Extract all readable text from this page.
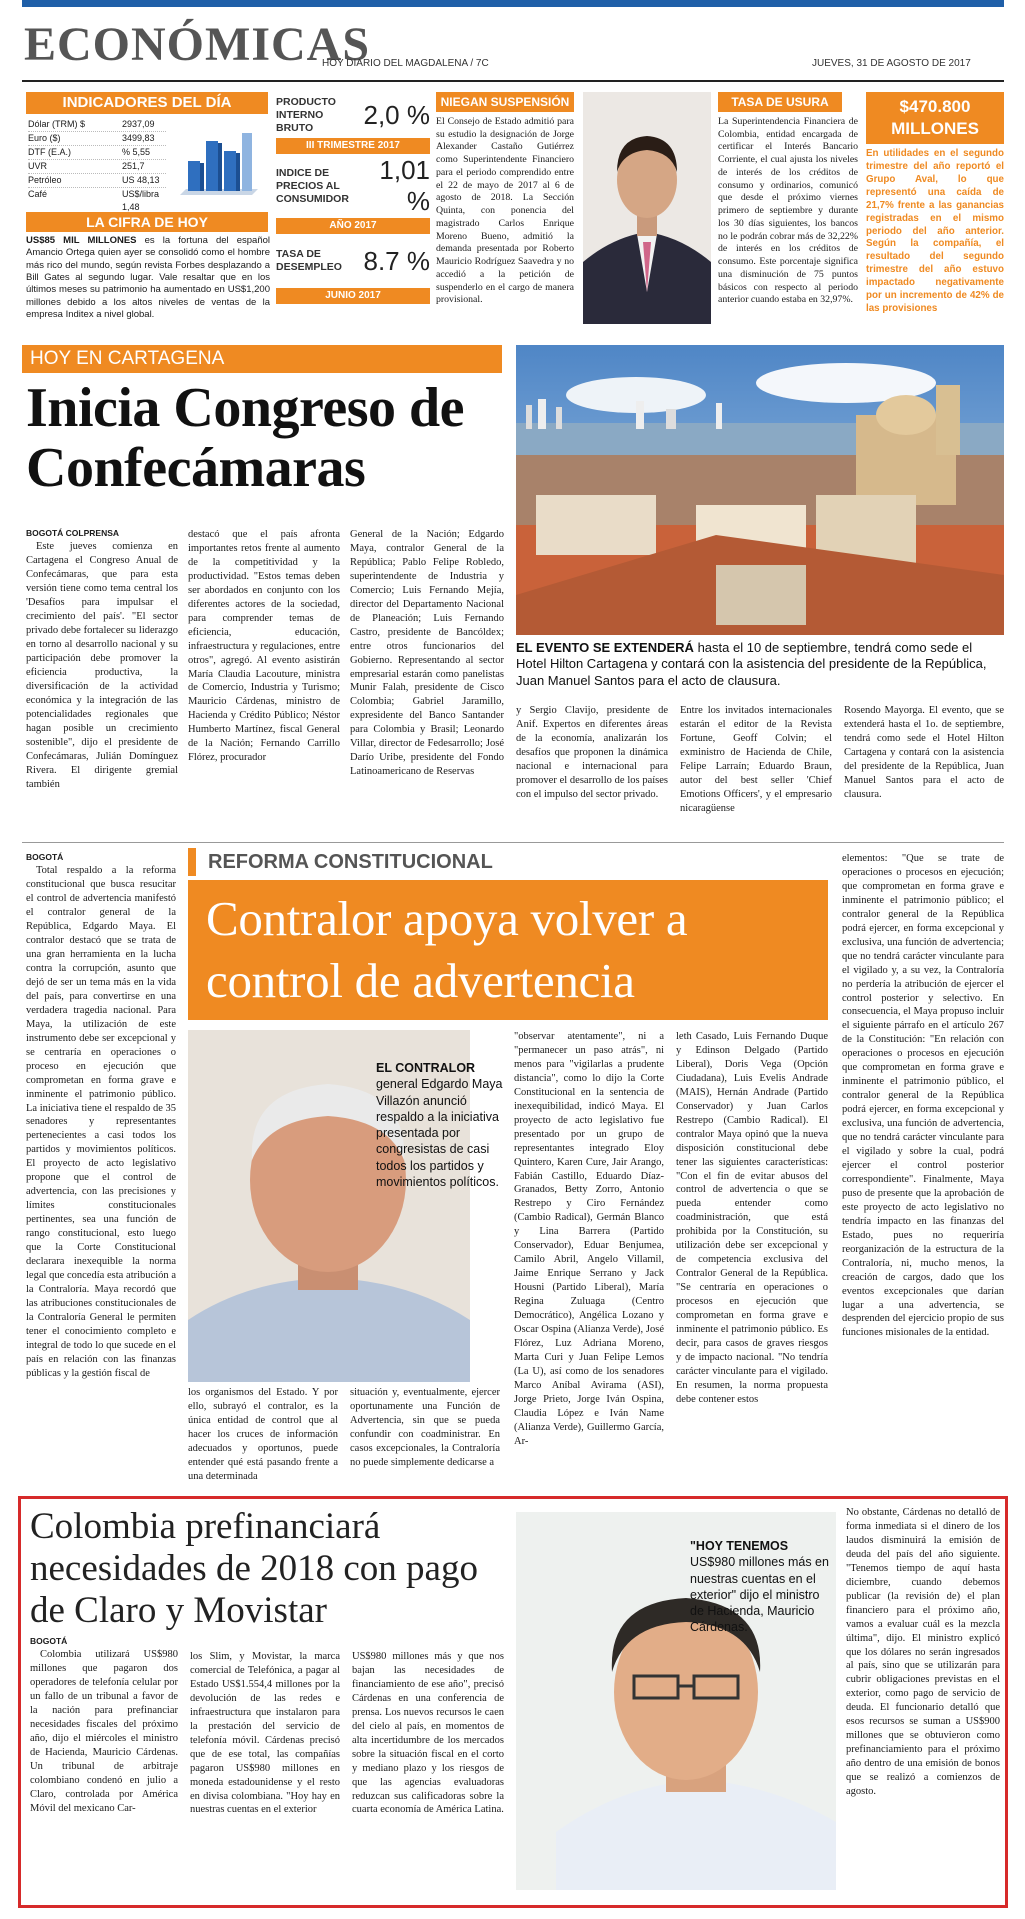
ECONÓMICAS
HOY DIARIO DEL MAGDALENA / 7C	JUEVES, 31 DE AGOSTO DE 2017
INDICADORES DEL DÍA
Dólar (TRM) $	2937,09
Euro ($)	3499,83
DTF (E.A.)	% 5,55
UVR	251,7
Petróleo	US 48,13
Café	US$/libra 1,48
LA CIFRA DE HOY
US$85 MIL MILLONES es la fortuna del español Amancio Ortega quien ayer se consolidó como el hombre más rico del mundo, según revista Forbes desplazando a Bill Gates al segundo lugar. Vale resaltar que en los últimos meses su patrimonio ha aumentado en US$1,200 millones debido a los altos niveles de ventas de la empresa Inditex a nivel global.
PRODUCTO INTERNO BRUTO	2,0 %
III TRIMESTRE 2017
INDICE DE PRECIOS AL CONSUMIDOR
1,01 %
AÑO 2017
TASA DE DESEMPLEO 8.7 %
JUNIO 2017
NIEGAN SUSPENSIÓN
El Consejo de Estado admitió para su estudio la designación de Jorge Alexander Castaño Gutiérrez como Superintendente Financiero para el periodo comprendido entre el 22 de mayo de 2017 al 6 de agosto de 2018. La Sección Quinta, con ponencia del magistrado Carlos Enrique Moreno Bueno, admitió la demanda presentada por Roberto Mauricio Rodríguez Saavedra y no accedió a la petición de suspenderlo en el cargo de manera provisional.
TASA DE USURA
La Superintendencia Financiera de Colombia, entidad encargada de certificar el Interés Bancario Corriente, el cual ajusta los niveles de interés de los créditos de consumo y ordinarios, comunicó que desde el próximo viernes primero de septiembre y durante los 30 días siguientes, los bancos no le podrán cobrar más de 32,22% de interés en los créditos de consumo. Este porcentaje significa una disminución de 75 puntos básicos con respecto al periodo anterior cuando estaba en 32,97%.
$470.800 MILLONES
En utilidades en el segundo trimestre del año reportó el Grupo Aval, lo que representó una caída de 21,7% frente a las ganancias registradas en el mismo periodo del año anterior. Según la compañía, el resultado del segundo trimestre del año estuvo impactado negativamente por un incremento de 42% de las provisiones
HOY EN CARTAGENA
Inicia Congreso de Confecámaras
EL EVENTO SE EXTENDERÁ hasta el 10 de septiembre, tendrá como sede el Hotel Hilton Cartagena y contará con la asistencia del presidente de la República, Juan Manuel Santos para el acto de clausura.

BOGOTÁ COLPRENSA

Este jueves comienza en Cartagena el Congreso Anual de Confecámaras, que para esta versión tiene como tema central los 'Desafíos para impulsar el crecimiento del país'. "El sector privado debe fortalecer su liderazgo en torno al desarrollo nacional y su participación debe promover la eficiencia productiva, la diversificación de la actividad económica y la integración de las potencialidades regionales que hagan posible un crecimiento sostenible", dijo el presidente de Confecámaras, Julián Domínguez Rivera. El dirigente gremial también

destacó que el país afronta importantes retos frente al aumento de la competitividad y la productividad. "Estos temas deben ser abordados en conjunto con los diferentes actores de la sociedad, para comprender temas de eficiencia, educación, infraestructura y regulaciones, entre otros", agregó. Al evento asistirán María Claudia Lacouture, ministra de Comercio, Industria y Turismo; Mauricio Cárdenas, ministro de Hacienda y Crédito Público; Néstor Humberto Martínez, fiscal General de la Nación; Fernando Carrillo Flórez, procurador
General de la Nación; Edgardo Maya, contralor General de la República; Pablo Felipe Robledo, superintendente de Industria y Comercio; Luis Fernando Mejía, director del Departamento Nacional de Planeación; Luis Fernando Castro, presidente de Bancóldex; entre otros funcionarios del Gobierno. Representando al sector empresarial estarán como panelistas Munir Falah, presidente de Cisco Colombia; Gabriel Jaramillo, expresidente del Banco Santander para Colombia y Brasil; Leonardo Villar, director de Fedesarrollo; José Darío Uribe, presidente del Fondo Latinoamericano de Reservas
y Sergio Clavijo, presidente de Anif. Expertos en diferentes áreas de la economía, analizarán los desafíos que proponen la dinámica nacional e internacional para promover el desarrollo de los países con el impulso del sector privado.
Entre los invitados internacionales estarán el editor de la Revista Fortune, Geoff Colvin; el exministro de Hacienda de Chile, Felipe Larraín; Eduardo Braun, autor del best seller 'Chief Emotions Officers', y el empresario nicaragüense
Rosendo Mayorga. El evento, que se extenderá hasta el 1o. de septiembre, tendrá como sede el Hotel Hilton Cartagena y contará con la asistencia del presidente de la República, Juan Manuel Santos para el acto de clausura.

BOGOTÁ

Total respaldo a la reforma constitucional que busca resucitar el control de advertencia manifestó el contralor general de la República, Edgardo Maya. El contralor destacó que se trata de una gran herramienta en la lucha contra la corrupción, asunto que dejó de ser un tema más en la vida del país, para convertirse en una verdadera tragedia nacional. Para Maya, la utilización de este instrumento debe ser excepcional y se centraría en operaciones o proceso en ejecución que comprometan en forma grave e inminente el patrimonio público. La iniciativa tiene el respaldo de 35 senadores y representantes pertenecientes a casi todos los partidos y movimientos políticos. El proyecto de acto legislativo propone que el control de advertencia, con las precisiones y límites constitucionales pertinentes, sea una función de rango constitucional, esto luego que la Corte Constitucional declarara inexequible la norma legal que concedía esta atribución a la Contraloría. Maya recordó que las atribuciones constitucionales de la Contraloría General le permiten tener el conocimiento completo e integral de todo lo que sucede en el país en relación con las finanzas públicas y la gestión fiscal de

REFORMA CONSTITUCIONAL
Contralor apoya volver a control de advertencia
EL CONTRALOR general Edgardo Maya Villazón anunció respaldo a la iniciativa presentada por congresistas de casi todos los partidos y movimientos políticos.
los organismos del Estado. Y por ello, subrayó el contralor, es la única entidad de control que al hacer los cruces de información adecuados y oportunos, puede entender qué está pasando frente a una determinada
situación y, eventualmente, ejercer oportunamente una Función de Advertencia, sin que se pueda confundir con coadministrar. En casos excepcionales, la Contraloría no puede simplemente dedicarse a
"observar atentamente", ni a "permanecer un paso atrás", ni menos para "vigilarlas a prudente distancia", como lo dijo la Corte Constitucional en la sentencia de inexequibilidad, indicó Maya. El proyecto de acto legislativo fue presentado por un grupo de representantes integrado Eloy Quintero, Karen Cure, Jair Arango, Fabián Castillo, Eduardo Díaz-Granados, Betty Zorro, Antonio Restrepo y Ciro Fernández (Cambio Radical), Germán Blanco y Lina Barrera (Partido Conservador), Eduar Benjumea, Camilo Abril, Angelo Villamil, Jaime Enrique Serrano y Jack Housni (Partido Liberal), María Regina Zuluaga (Centro Democrático), Angélica Lozano y Oscar Ospina (Alianza Verde), José Flórez, Luz Adriana Moreno, Marta Curi y Juan Felipe Lemos (La U), así como de los senadores Marco Aníbal Avirama (ASI), Jorge Prieto, Jorge Iván Ospina, Claudia López e Iván Name (Alianza Verde), Guillermo García, Ar-
leth Casado, Luis Fernando Duque y Edinson Delgado (Partido Liberal), Doris Vega (Opción Ciudadana), Luis Evelis Andrade (MAIS), Hernán Andrade (Partido Conservador) y Juan Carlos Restrepo (Cambio Radical). El contralor Maya opinó que la nueva disposición constitucional debe tener las siguientes características: "Con el fin de evitar abusos del control de advertencia o que se pueda entender como coadministración, que está prohibida por la Constitución, su utilización debe ser excepcional y de competencia exclusiva del Contralor General de la República. "Se centraría en operaciones o procesos en ejecución que comprometan en forma grave e inminente el patrimonio público. Es decir, para casos de graves riesgos y de impacto nacional. "No tendría carácter vinculante para el vigilado. En resumen, la norma propuesta debe contener estos
elementos: "Que se trate de operaciones o procesos en ejecución; que comprometan en forma grave e inminente el patrimonio público; el contralor general de la República podrá ejercer, en forma excepcional y exclusiva, una función de advertencia; que no tendrá carácter vinculante para el vigilado y, a su vez, la Contraloría no perdería la atribución de ejercer el control posterior y selectivo. En consecuencia, el Maya propuso incluir el siguiente párrafo en el artículo 267 de la Constitución: "En relación con operaciones o procesos en ejecución que comprometan en forma grave e inminente el patrimonio público, el contralor general de la República podrá ejercer, en forma excepcional y exclusiva, una función de advertencia, que no tendrá carácter vinculante para el vigilado y sobre la cual, podrá ejercer el control posterior correspondiente". Finalmente, Maya puso de presente que la aprobación de este proyecto de acto legislativo no tendría impacto en las finanzas del Estado, pues no requeriría reorganización de la estructura de la Contraloría, ni, mucho menos, la creación de cargos, dado que los eventos excepcionales que darían lugar a una advertencia, se desprenden del ejercicio propio de sus funciones misionales de la entidad.
Colombia prefinanciará necesidades de 2018 con pago de Claro y Movistar

BOGOTÁ

Colombia utilizará US$980 millones que pagaron dos operadores de telefonía celular por un fallo de un tribunal a favor de la nación para prefinanciar necesidades fiscales del próximo año, dijo el miércoles el ministro de Hacienda, Mauricio Cárdenas. Un tribunal de arbitraje colombiano condenó en julio a Claro, controlada por América Móvil del mexicano Car-

los Slim, y Movistar, la marca comercial de Telefónica, a pagar al Estado US$1.554,4 millones por la devolución de las redes e infraestructura que instalaron para la prestación del servicio de telefonía móvil. Cárdenas precisó que de ese total, las compañías pagaron US$980 millones en moneda estadounidense y el resto en divisa colombiana. "Hoy hay en nuestras cuentas en el exterior
US$980 millones más y que nos bajan las necesidades de financiamiento de ese año", precisó Cárdenas en una conferencia de prensa. Los nuevos recursos le caen del cielo al país, en momentos de alta incertidumbre de los mercados sobre la situación fiscal en el corto y mediano plazo y los riesgos de que las agencias evaluadoras reduzcan sus calificadoras sobre la cuarta economía de América Latina.
"HOY TENEMOS US$980 millones más en nuestras cuentas en el exterior" dijo el ministro de Hacienda, Mauricio Cárdenas.
No obstante, Cárdenas no detalló de forma inmediata si el dinero de los laudos disminuirá la emisión de deuda del país del año siguiente. "Tenemos tiempo de aquí hasta diciembre, cuando debemos publicar (la revisión de) el plan financiero para el próximo año, vamos a evaluar cuál es la mezcla última", dijo. El ministro explicó que los dólares no serán ingresados al país, sino que se utilizarán para cubrir obligaciones previstas en el exterior, como pago de servicio de deuda. El funcionario detalló que esos recursos se suman a US$900 millones que se obtuvieron como prefinanciamiento para el próximo año dentro de una emisión de bonos que se realizó a comienzos de agosto.
